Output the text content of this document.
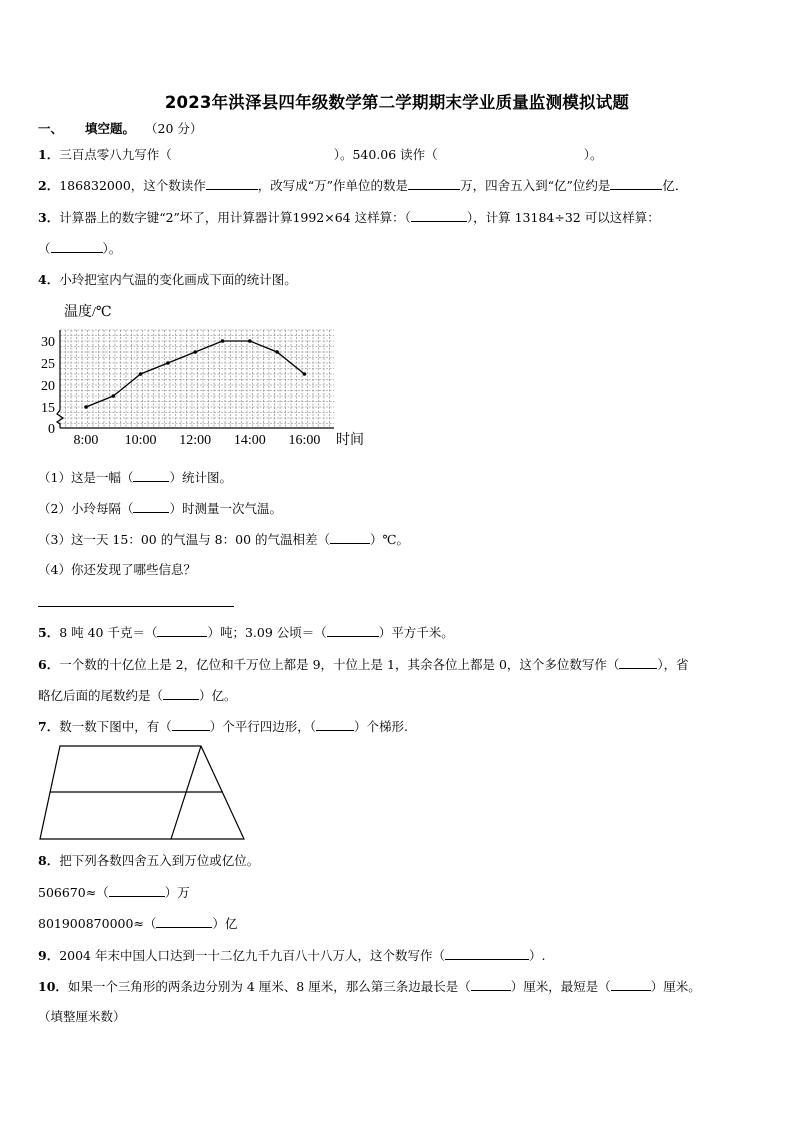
2023年洪泽县四年级数学第二学期期末学业质量监测模拟试题
一、 填空题。 （20 分）
1．三百点零八九写作（	）。540.06 读作（	）。
2．186832000，这个数读作	，改写成“万”作单位的数是	万，四舍五入到“亿”位约是	亿．
3．计算器上的数字键“2”坏了，用计算器计算1992×64 这样算：（	），计算 13184÷32 可以这样算：
（	）。
4．小玲把室内气温的变化画成下面的统计图。
0
15
20
25
30
8:00 10:00 12:00 14:00 16:00
温度/℃
时间
（1）这是一幅（	）统计图。
（2）小玲每隔（	）时测量一次气温。
（3）这一天 15：00 的气温与 8：00 的气温相差（	）℃。
（4）你还发现了哪些信息？
5．8 吨 40 千克＝（	）吨；3.09 公顷＝（	）平方千米。
6．一个数的十亿位上是 2，亿位和千万位上都是 9，十位上是 1，其余各位上都是 0，这个多位数写作（	），省
略亿后面的尾数约是（	）亿。
7．数一数下图中，有（	）个平行四边形，（	）个梯形.
8．把下列各数四舍五入到万位或亿位。
506670≈（	）万
801900870000≈（	）亿
9．2004 年末中国人口达到一十二亿九千九百八十八万人，这个数写作（	）.
10．如果一个三角形的两条边分别为 4 厘米、8 厘米，那么第三条边最长是（	）厘米，最短是（	）厘米。
（填整厘米数）
